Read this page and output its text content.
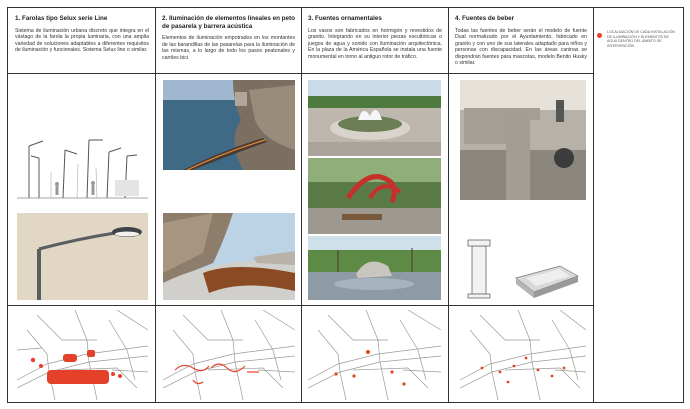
1. Farolas tipo Selux serie Line

Sistema de iluminación urbana discreto que integra en el vástago de la farola la propia luminaria, con una amplia variedad de soluciones adaptables a diferentes requisitos de iluminación y funcionales. Sistema Selux line o similar.

2. Iluminación de elementos lineales en peto de pasarela y barrera acústica

Elementos de iluminación empotrados en los montantes de las barandillas de las pasarelas para la iluminación de las mismas, a lo largo de todo los pasos peatonales y carriles bici.

3. Fuentes ornamentales

Los vasos son fabricados en hormigón y revestidos de granito. Integrando en su interior piezas escultóricas o juegos de agua y sonido con iluminación arquitectónica. En la plaza de la América Española se instala una fuente monumental en torno al antiguo rotor de tráfico.

4. Fuentes de beber

Todas las fuentes de beber serán el modelo de fuente Dual normalizado por el Ayuntamiento, fabricado en granito y con uno de sus laterales adaptado para niños y personas con discapacidad. En las áreas caninas se dispondrán fuentes para mascotas, modelo Benito Husky o similar.

LOCALIZACIÓN DE CADA INSTALACIÓN DE ILUMINACIÓN Y ELEMENTOS DE AGUA DENTRO DEL ÁMBITO DE INTERVENCIÓN
